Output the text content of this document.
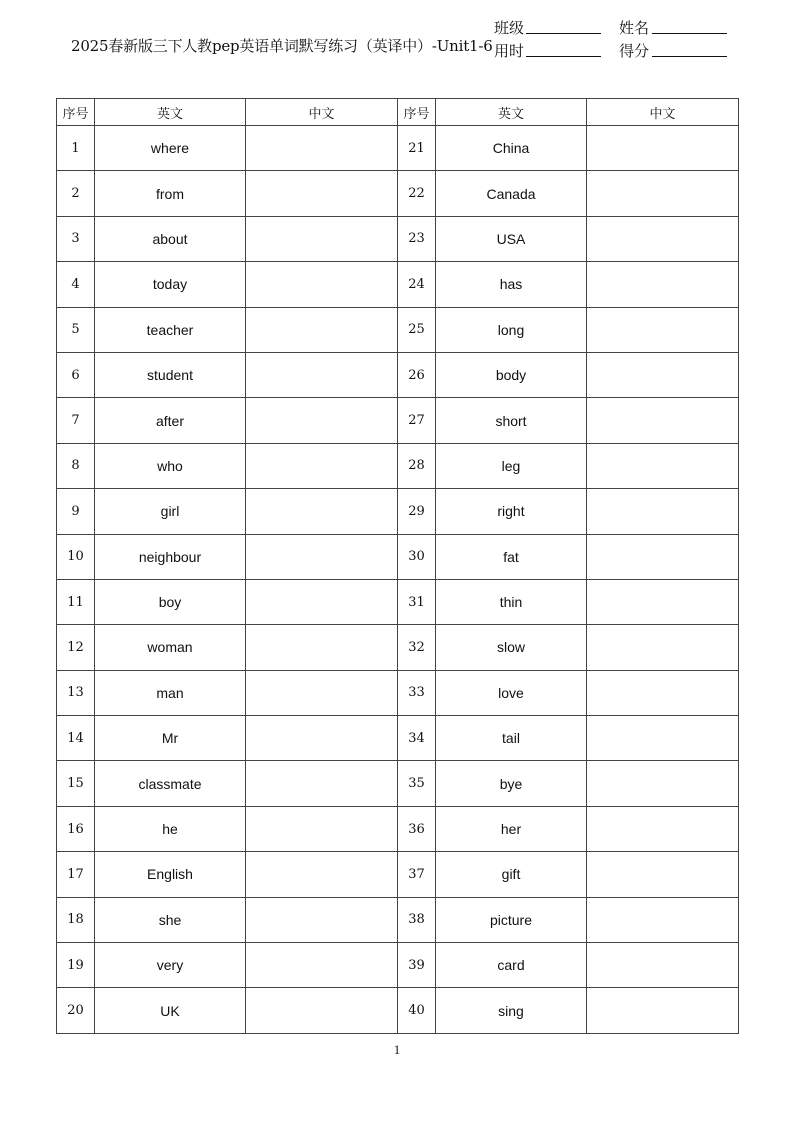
2025春新版三下人教pep英语单词默写练习（英译中）-Unit1-6
班级	姓名
用时	得分
序号	英文	中文	序号	英文	中文
1	where		21	China	
2	from		22	Canada	
3	about		23	USA	
4	today		24	has	
5	teacher		25	long	
6	student		26	body	
7	after		27	short	
8	who		28	leg	
9	girl		29	right	
10	neighbour		30	fat	
11	boy		31	thin	
12	woman		32	slow	
13	man		33	love	
14	Mr		34	tail	
15	classmate		35	bye	
16	he		36	her	
17	English		37	gift	
18	she		38	picture	
19	very		39	card	
20	UK		40	sing	
1
